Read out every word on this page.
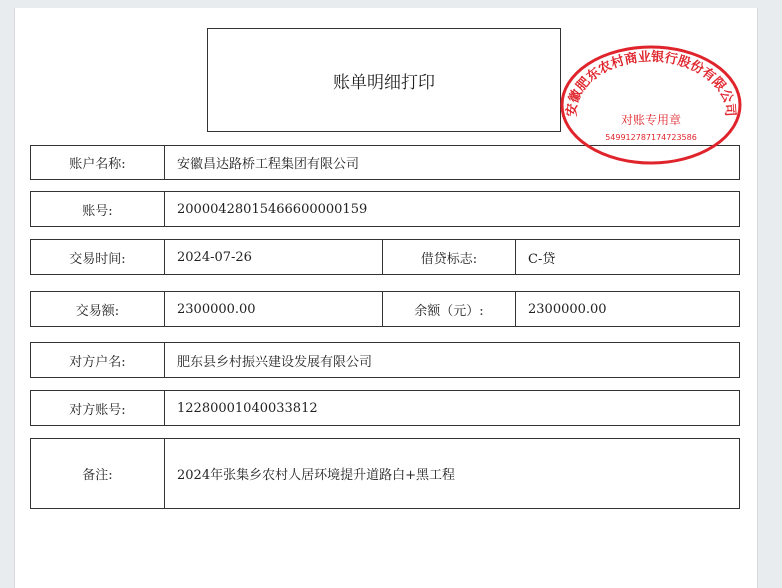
账单明细打印
账户名称:	安徽昌达路桥工程集团有限公司
账号:	20000428015466600000159
交易时间:	2024-07-26	借贷标志:	C-贷
交易额:	2300000.00	余额（元）:	2300000.00
对方户名:	肥东县乡村振兴建设发展有限公司
对方账号:	12280001040033812
备注:	2024年张集乡农村人居环境提升道路白+黑工程
安徽肥东农村商业银行股份有限公司
对账专用章
549912787174723586
